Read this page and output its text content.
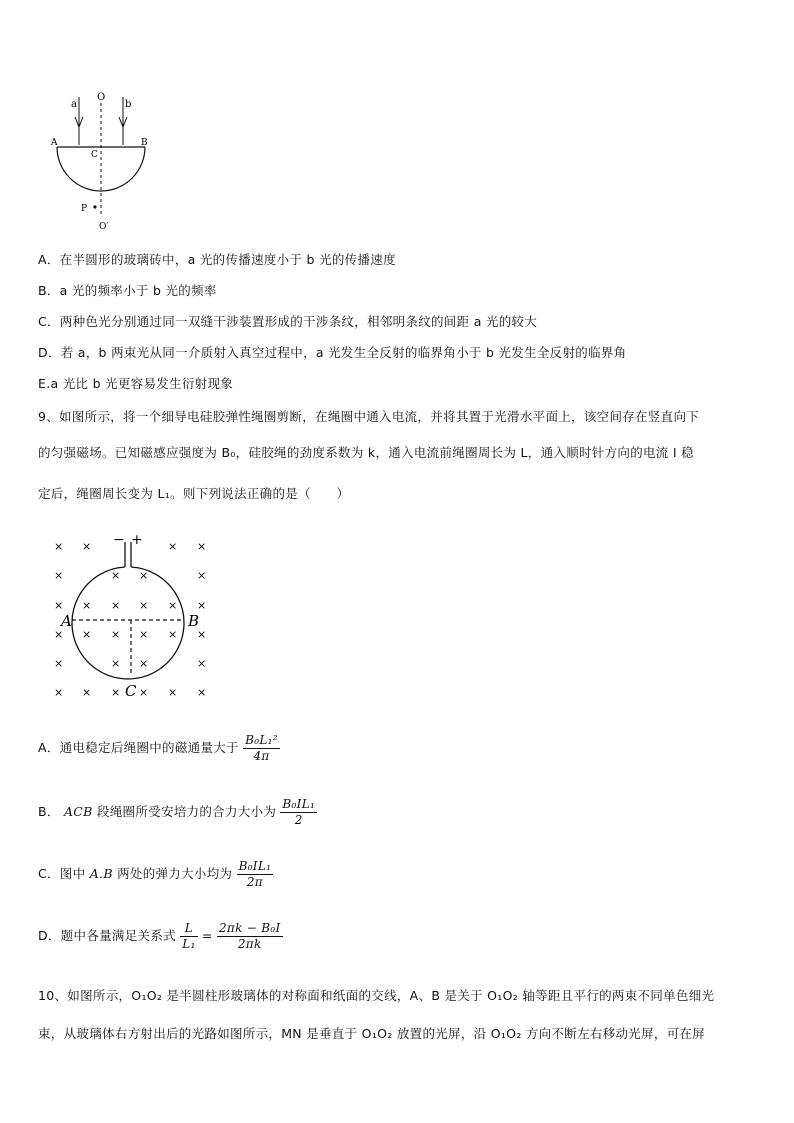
a
O
b
A
C
B
P
O′
A．在半圆形的玻璃砖中，a 光的传播速度小于 b 光的传播速度
B．a 光的频率小于 b 光的频率
C．两种色光分别通过同一双缝干涉装置形成的干涉条纹，相邻明条纹的间距 a 光的较大
D．若 a，b 两束光从同一介质射入真空过程中，a 光发生全反射的临界角小于 b 光发生全反射的临界角
E.a 光比 b 光更容易发生衍射现象
9、如图所示，将一个细导电硅胶弹性绳圈剪断，在绳圈中通入电流，并将其置于光滑水平面上，该空间存在竖直向下
的匀强磁场。已知磁感应强度为 B₀，硅胶绳的劲度系数为 k，通入电流前绳圈周长为 L，通入顺时针方向的电流 I 稳
定后，绳圈周长变为 L₁。则下列说法正确的是（　　）
× ×	× ×
×	× ×	×
× × × × × ×
× × × × × ×
×	× ×	×
× × × × × ×
− +
A	B
C
A．通电稳定后绳圈中的磁通量大于 $\frac{\text{B₀L₁²}}{4\pi}$
B． ACB 段绳圈所受安培力的合力大小为 $\frac{\text{B₀IL₁}}{2}$
C．图中 A.B 两处的弹力大小均为 $\frac{\text{B₀IL₁}}{2\pi}$
D．题中各量满足关系式 $\frac{L}{\text{L₁}} = \frac{\text{2πk − B₀I}}{2\pi k}$
10、如图所示，O₁O₂ 是半圆柱形玻璃体的对称面和纸面的交线，A、B 是关于 O₁O₂ 轴等距且平行的两束不同单色细光
束，从玻璃体右方射出后的光路如图所示，MN 是垂直于 O₁O₂ 放置的光屏，沿 O₁O₂ 方向不断左右移动光屏，可在屏
